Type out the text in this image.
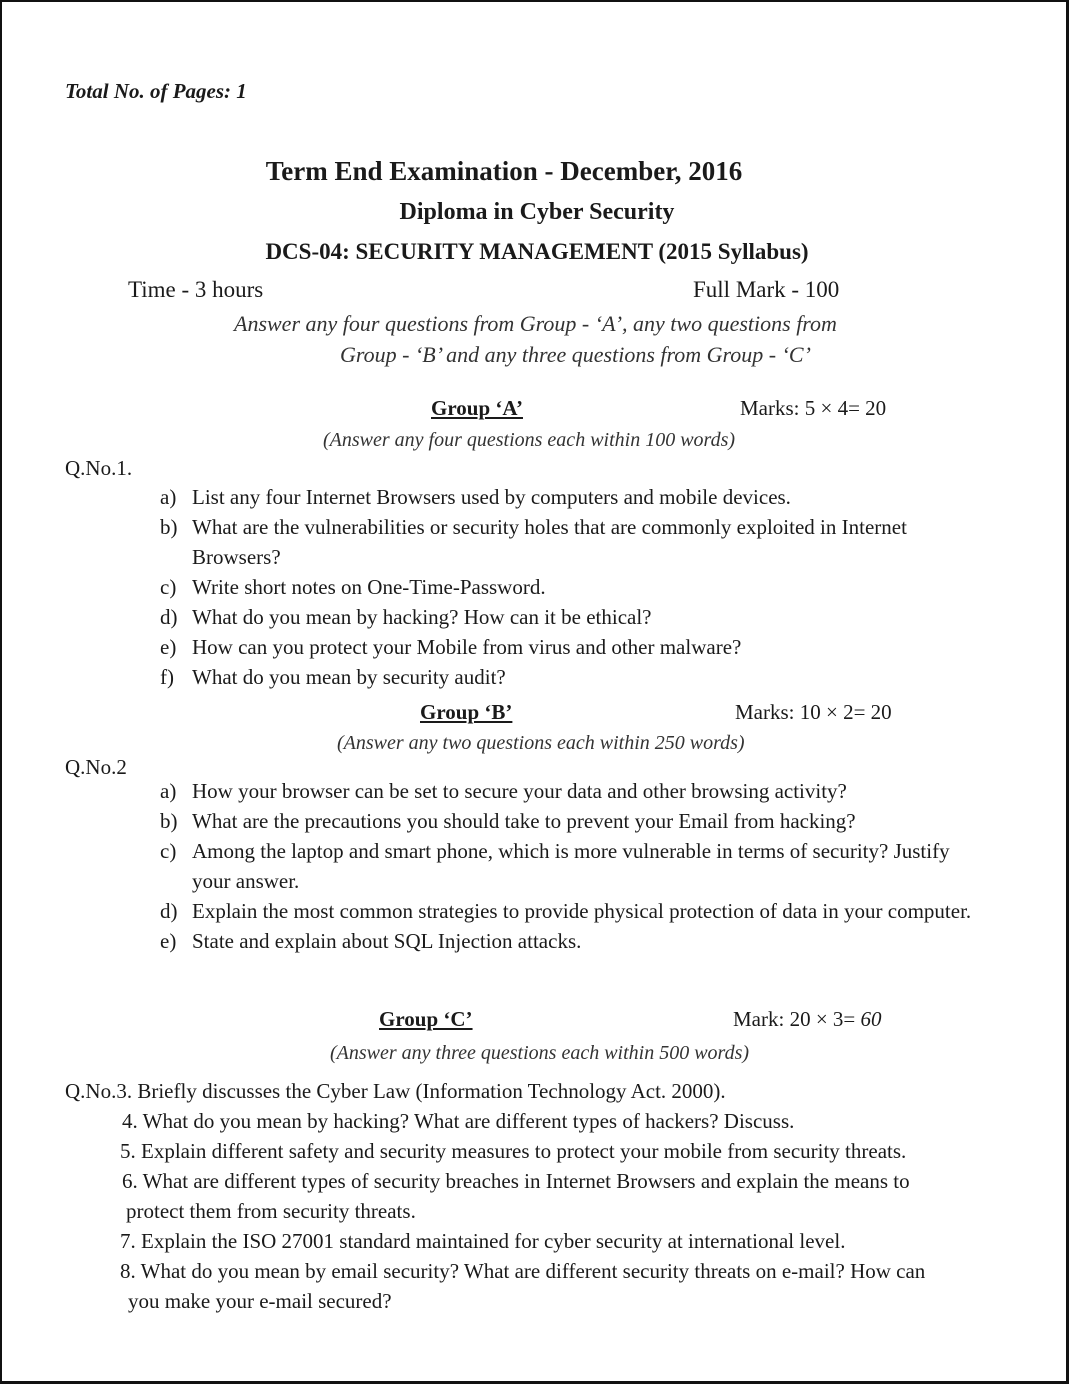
Total No. of Pages: 1
Term End Examination - December, 2016
Diploma in Cyber Security
DCS-04: SECURITY MANAGEMENT (2015 Syllabus)
Time - 3 hours	Full Mark - 100
Answer any four questions from Group - ‘A’, any two questions from
Group - ‘B’ and any three questions from Group - ‘C’
Group ‘A’	Marks: 5 × 4= 20
(Answer any four questions each within 100 words)
Q.No.1.
a) List any four Internet Browsers used by computers and mobile devices.
b) What are the vulnerabilities or security holes that are commonly exploited in Internet Browsers?
c) Write short notes on One-Time-Password.
d) What do you mean by hacking? How can it be ethical?
e) How can you protect your Mobile from virus and other malware?
f) What do you mean by security audit?
Group ‘B’	Marks: 10 × 2= 20
(Answer any two questions each within 250 words)
Q.No.2
a) How your browser can be set to secure your data and other browsing activity?
b) What are the precautions you should take to prevent your Email from hacking?
c) Among the laptop and smart phone, which is more vulnerable in terms of security? Justify your answer.
d) Explain the most common strategies to provide physical protection of data in your computer.
e) State and explain about SQL Injection attacks.
Group ‘C’	Mark: 20 × 3= 60
(Answer any three questions each within 500 words)
Q.No.3. Briefly discusses the Cyber Law (Information Technology Act. 2000).
4. What do you mean by hacking? What are different types of hackers? Discuss.
5. Explain different safety and security measures to protect your mobile from security threats.
6. What are different types of security breaches in Internet Browsers and explain the means to
protect them from security threats.
7. Explain the ISO 27001 standard maintained for cyber security at international level.
8. What do you mean by email security? What are different security threats on e-mail? How can
you make your e-mail secured?
